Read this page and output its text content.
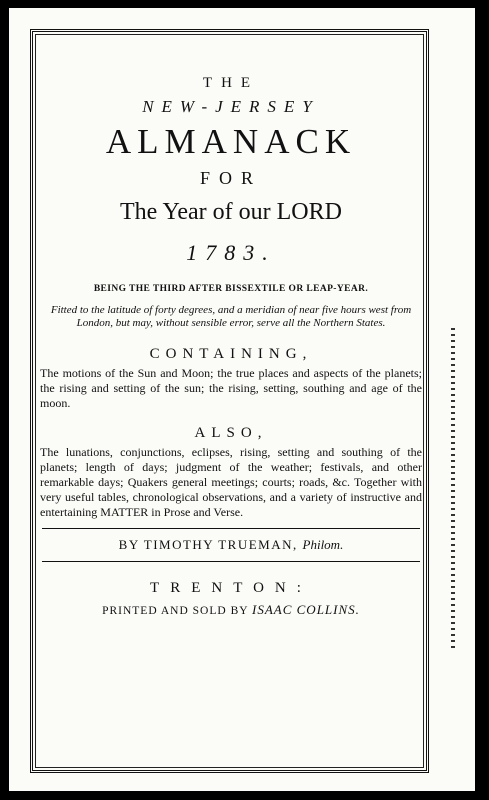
THE
NEW-JERSEY
ALMANACK
FOR
The Year of our LORD
1783.
BEING THE THIRD AFTER BISSEXTILE OR LEAP-YEAR.
Fitted to the latitude of forty degrees, and a meridian of near five hours west from London, but may, without sensible error, serve all the Northern States.
CONTAINING,
The motions of the Sun and Moon; the true places and aspects of the planets; the rising and setting of the sun; the rising, setting, southing and age of the moon.
ALSO,
The lunations, conjunctions, eclipses, rising, setting and southing of the planets; length of days; judgment of the weather; festivals, and other remarkable days; Quakers general meetings; courts; roads, &c. Together with very useful tables, chronological observations, and a variety of instructive and entertaining MATTER in Prose and Verse.
BY TIMOTHY TRUEMAN, Philom.
TRENTON:
PRINTED AND SOLD BY ISAAC COLLINS.
